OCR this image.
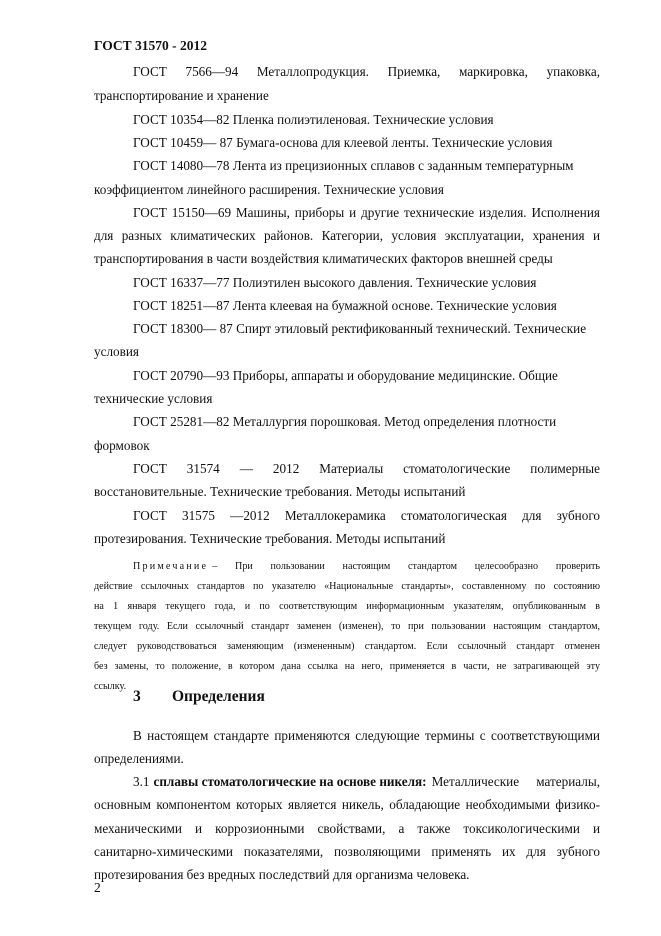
ГОСТ 31570 - 2012
ГОСТ 7566—94 Металлопродукция. Приемка, маркировка, упаковка,
транспортирование и хранение
ГОСТ 10354—82 Пленка полиэтиленовая. Технические условия
ГОСТ 10459— 87 Бумага-основа для клеевой ленты. Технические условия
ГОСТ 14080—78 Лента из прецизионных сплавов с заданным температурным
коэффициентом линейного расширения. Технические условия
ГОСТ 15150—69 Машины, приборы и другие технические изделия. Исполнения
для разных климатических районов. Категории, условия эксплуатации, хранения и
транспортирования в части воздействия климатических факторов внешней среды
ГОСТ 16337—77 Полиэтилен высокого давления. Технические условия
ГОСТ 18251—87 Лента клеевая на бумажной основе. Технические условия
ГОСТ 18300— 87 Спирт этиловый ректификованный технический. Технические
условия
ГОСТ 20790—93 Приборы, аппараты и оборудование медицинские. Общие
технические условия
ГОСТ 25281—82 Металлургия порошковая. Метод определения плотности
формовок
ГОСТ 31574 — 2012 Материалы стоматологические полимерные
восстановительные. Технические требования. Методы испытаний
ГОСТ 31575 —2012 Металлокерамика стоматологическая для зубного
протезирования. Технические требования. Методы испытаний
Примечание – При пользовании настоящим стандартом целесообразно проверить
действие ссылочных стандартов по указателю «Национальные стандарты», составленному по состоянию
на 1 января текущего года, и по соответствующим информационным указателям, опубликованным в
текущем году. Если ссылочный стандарт заменен (изменен), то при пользовании настоящим стандартом,
следует руководствоваться заменяющим (измененным) стандартом. Если ссылочный стандарт отменен
без замены, то положение, в котором дана ссылка на него, применяется в части, не затрагивающей эту
ссылку.
3 Определения
В настоящем стандарте применяются следующие термины с соответствующими
определениями.
3.1 сплавы стоматологические на основе никеля: Металлические материалы,
основным компонентом которых является никель, обладающие необходимыми физико-
механическими и коррозионными свойствами, а также токсикологическими и
санитарно-химическими показателями, позволяющими применять их для зубного
протезирования без вредных последствий для организма человека.
2
